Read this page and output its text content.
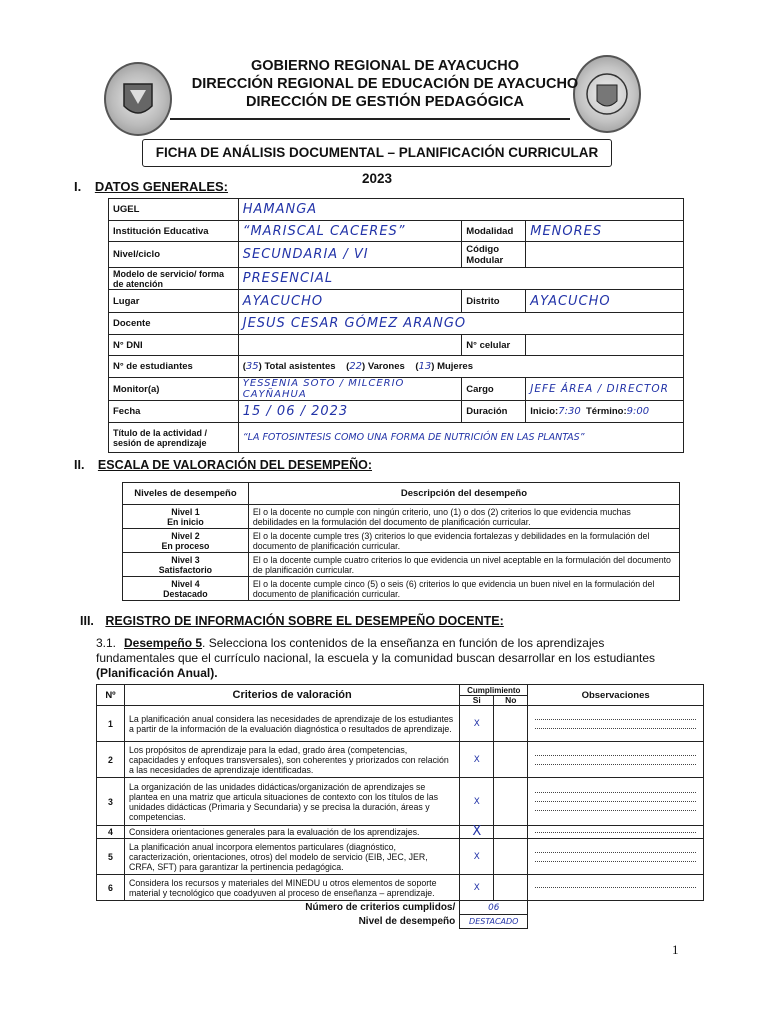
GOBIERNO REGIONAL DE AYACUCHO
DIRECCIÓN REGIONAL DE EDUCACIÓN DE AYACUCHO
DIRECCIÓN DE GESTIÓN PEDAGÓGICA
FICHA DE ANÁLISIS DOCUMENTAL – PLANIFICACIÓN CURRICULAR 2023
I. DATOS GENERALES:
UGEL	HAMANGA		
Institución Educativa	“MARISCAL CACERES”	Modalidad	MENORES
Nivel/ciclo	SECUNDARIA / VI	Código Modular	
Modelo de servicio/ forma de atención	PRESENCIAL		
Lugar	AYACUCHO	Distrito	AYACUCHO
Docente	JESUS CESAR GÓMEZ ARANGO		
N° DNI		N° celular	
N° de estudiantes	(35) Total asistentes (22) Varones (13) Mujeres		
Monitor(a)	YESSENIA SOTO / MILCERIO CAYÑAHUA	Cargo	JEFE ÁREA / DIRECTOR
Fecha	15 / 06 / 2023	Duración	Inicio:7:30 Término:9:00
Título de la actividad / sesión de aprendizaje	“LA FOTOSINTESIS COMO UNA FORMA DE NUTRICIÓN EN LAS PLANTAS”		
II. ESCALA DE VALORACIÓN DEL DESEMPEÑO:
Niveles de desempeño	Descripción del desempeño
Nivel 1
En inicio	El o la docente no cumple con ningún criterio, uno (1) o dos (2) criterios lo que evidencia muchas debilidades en la formulación del documento de planificación curricular.
Nivel 2
En proceso	El o la docente cumple tres (3) criterios lo que evidencia fortalezas y debilidades en la formulación del documento de planificación curricular.
Nivel 3
Satisfactorio	El o la docente cumple cuatro criterios lo que evidencia un nivel aceptable en la formulación del documento de planificación curricular.
Nivel 4
Destacado	El o la docente cumple cinco (5) o seis (6) criterios lo que evidencia un buen nivel en la formulación del documento de planificación curricular.
III. REGISTRO DE INFORMACIÓN SOBRE EL DESEMPEÑO DOCENTE:
3.1. Desempeño 5. Selecciona los contenidos de la enseñanza en función de los aprendizajes fundamentales que el currículo nacional, la escuela y la comunidad buscan desarrollar en los estudiantes (Planificación Anual).
Nº	Criterios de valoración	Cumplimiento		Observaciones
		Si	No	
1	La planificación anual considera las necesidades de aprendizaje de los estudiantes a partir de la información de la evaluación diagnóstica o resultados de aprendizaje.	X		

2	Los propósitos de aprendizaje para la edad, grado área (competencias, capacidades y enfoques transversales), son coherentes y priorizados con relación a las necesidades de aprendizaje identificadas.	X		

3	La organización de las unidades didácticas/organización de aprendizajes se plantea en una matriz que articula situaciones de contexto con los títulos de las unidades didácticas (Primaria y Secundaria) y se precisa la duración, áreas y competencias.	X		

4	Considera orientaciones generales para la evaluación de los aprendizajes.	X		

5	La planificación anual incorpora elementos particulares (diagnóstico, caracterización, orientaciones, otros) del modelo de servicio (EIB, JEC, JER, CRFA, SFT) para garantizar la pertinencia pedagógica.	X		

6	Considera los recursos y materiales del MINEDU u otros elementos de soporte material y tecnológico que coadyuven al proceso de enseñanza – aprendizaje.	X		

Número de criterios cumplidos/		06		
Nivel de desempeño		DESTACADO		
1
